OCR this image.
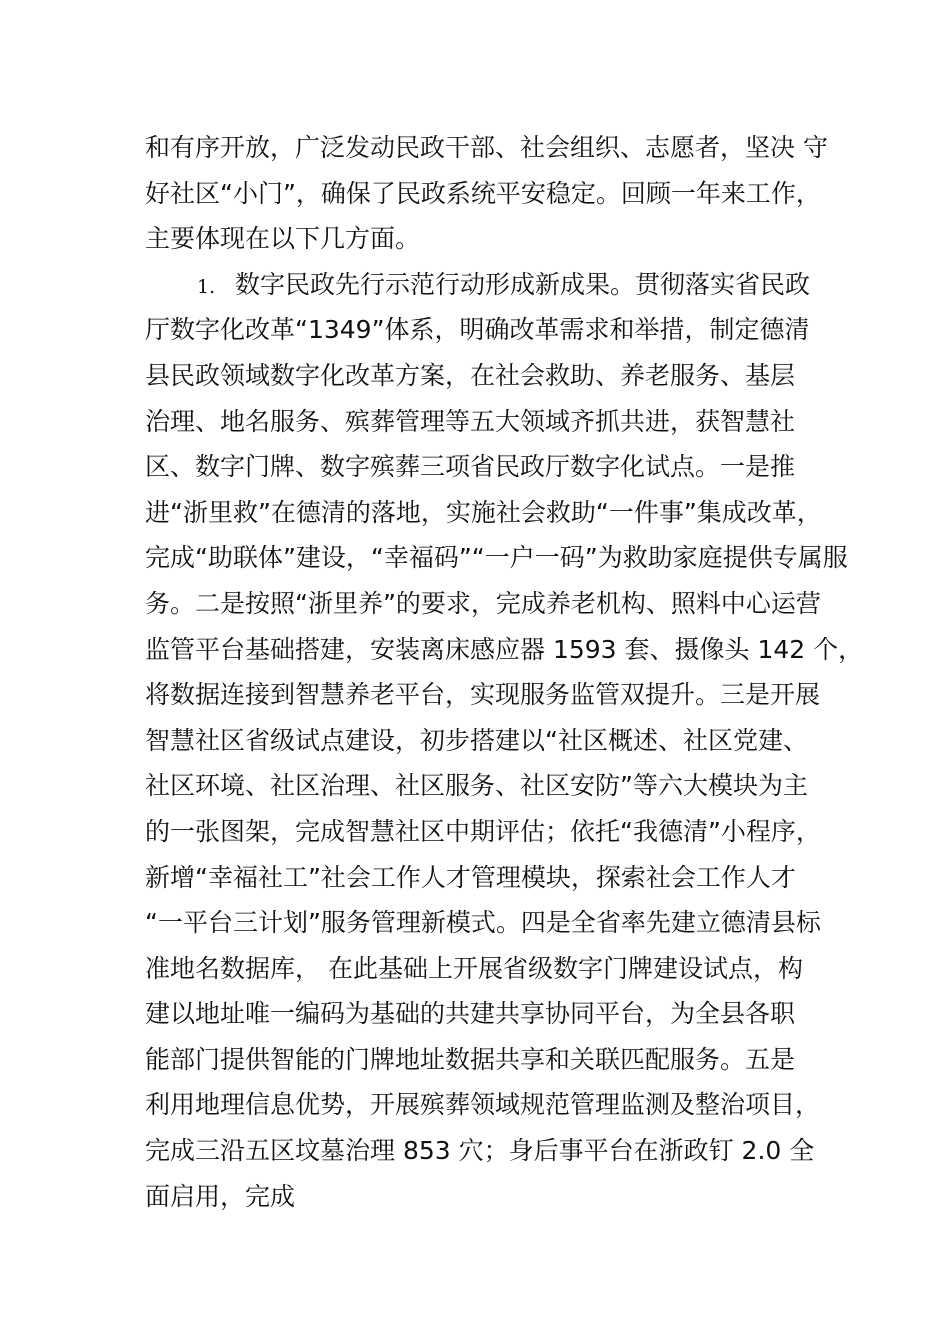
和有序开放，广泛发动民政干部、社会组织、志愿者，坚决 守
好社区“小门”，确保了民政系统平安稳定。回顾一年来工作，
主要体现在以下几方面。
1. 数字民政先行示范行动形成新成果。贯彻落实省民政
厅数字化改革“1349”体系，明确改革需求和举措，制定德清
县民政领域数字化改革方案，在社会救助、养老服务、基层
治理、地名服务、殡葬管理等五大领域齐抓共进，获智慧社
区、数字门牌、数字殡葬三项省民政厅数字化试点。一是推
进“浙里救”在德清的落地，实施社会救助“一件事”集成改革，
完成“助联体”建设，“幸福码”“一户一码”为救助家庭提供专属服
务。二是按照“浙里养”的要求，完成养老机构、照料中心运营
监管平台基础搭建，安装离床感应器 1593 套、摄像头 142 个，
将数据连接到智慧养老平台，实现服务监管双提升。三是开展
智慧社区省级试点建设，初步搭建以“社区概述、社区党建、
社区环境、社区治理、社区服务、社区安防”等六大模块为主
的一张图架，完成智慧社区中期评估；依托“我德清”小程序，
新增“幸福社工”社会工作人才管理模块，探索社会工作人才
“一平台三计划”服务管理新模式。四是全省率先建立德清县标
准地名数据库， 在此基础上开展省级数字门牌建设试点，构
建以地址唯一编码为基础的共建共享协同平台，为全县各职
能部门提供智能的门牌地址数据共享和关联匹配服务。五是
利用地理信息优势，开展殡葬领域规范管理监测及整治项目，
完成三沿五区坟墓治理 853 穴；身后事平台在浙政钉 2.0 全
面启用，完成
